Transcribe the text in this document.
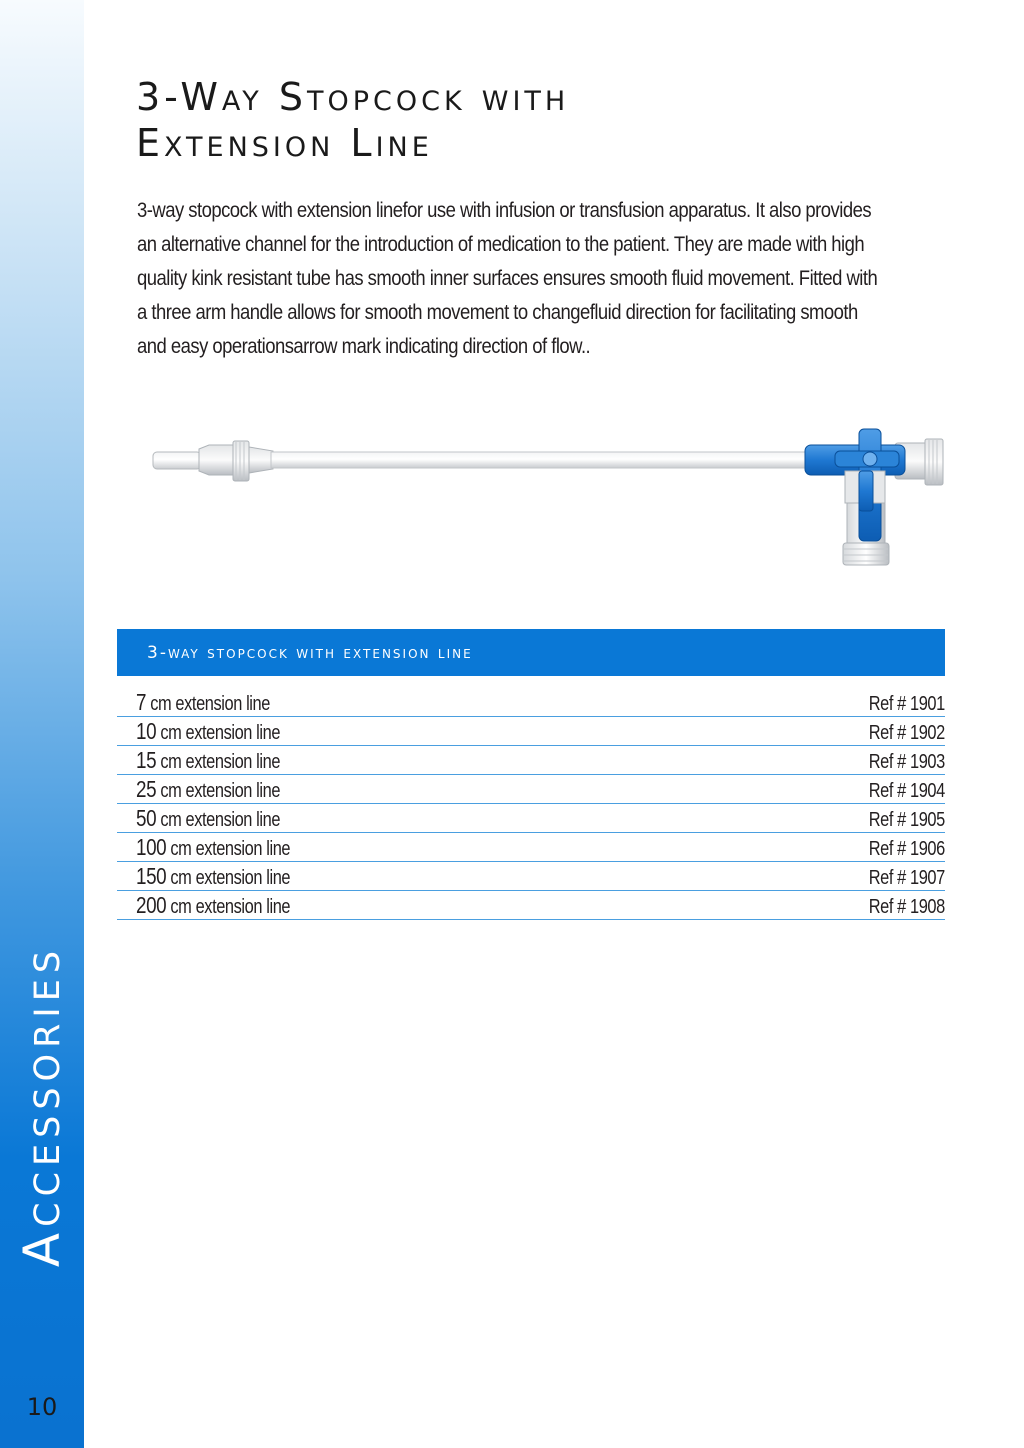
Accessories
10
3-Way Stopcock with
Extension Line

3-way stopcock with extension linefor use with infusion or transfusion apparatus. It also provides an alternative channel for the introduction of medication to the patient. They are made with high quality kink resistant tube has smooth inner surfaces ensures smooth fluid movement. Fitted with a three arm handle allows for smooth movement to changefluid direction for facilitating smooth and easy operationsarrow mark indicating direction of flow..

3-way stopcock with extension line
7 cm extension line	Ref # 1901
10 cm extension line	Ref # 1902
15 cm extension line	Ref # 1903
25 cm extension line	Ref # 1904
50 cm extension line	Ref # 1905
100 cm extension line	Ref # 1906
150 cm extension line	Ref # 1907
200 cm extension line	Ref # 1908
